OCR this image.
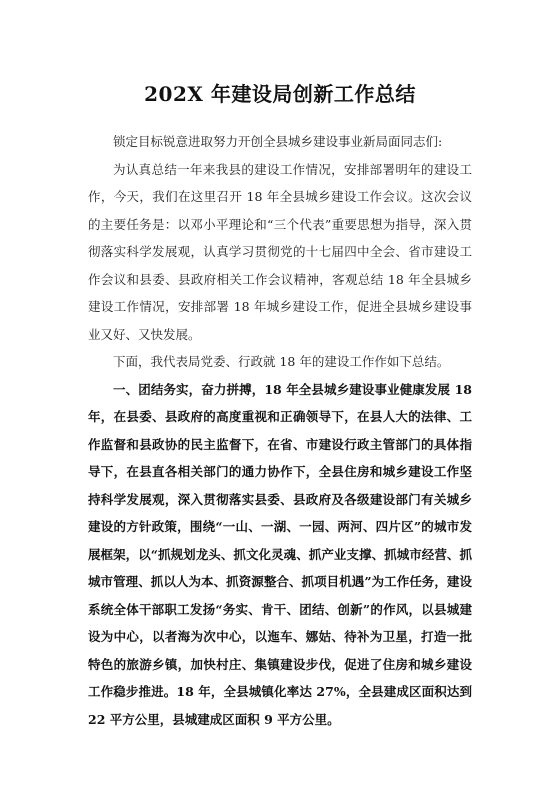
202X 年建设局创新工作总结

锁定目标锐意进取努力开创全县城乡建设事业新局面同志们:

为认真总结一年来我县的建设工作情况，安排部署明年的建设工作，今天，我们在这里召开 18 年全县城乡建设工作会议。这次会议的主要任务是：以邓小平理论和“三个代表”重要思想为指导，深入贯彻落实科学发展观，认真学习贯彻党的十七届四中全会、省市建设工作会议和县委、县政府相关工作会议精神，客观总结 18 年全县城乡建设工作情况，安排部署 18 年城乡建设工作，促进全县城乡建设事业又好、又快发展。

下面，我代表局党委、行政就 18 年的建设工作作如下总结。

一、团结务实，奋力拼搏，18 年全县城乡建设事业健康发展 18 年，在县委、县政府的高度重视和正确领导下，在县人大的法律、工作监督和县政协的民主监督下，在省、市建设行政主管部门的具体指导下，在县直各相关部门的通力协作下，全县住房和城乡建设工作坚持科学发展观，深入贯彻落实县委、县政府及各级建设部门有关城乡建设的方针政策，围绕“一山、一湖、一园、两河、四片区”的城市发展框架，以“抓规划龙头、抓文化灵魂、抓产业支撑、抓城市经营、抓城市管理、抓以人为本、抓资源整合、抓项目机遇”为工作任务，建设系统全体干部职工发扬“务实、肯干、团结、创新”的作风，以县城建设为中心，以者海为次中心，以迤车、娜姑、待补为卫星，打造一批特色的旅游乡镇，加快村庄、集镇建设步伐，促进了住房和城乡建设工作稳步推进。18 年，全县城镇化率达 27%，全县建成区面积达到 22 平方公里，县城建成区面积 9 平方公里。
